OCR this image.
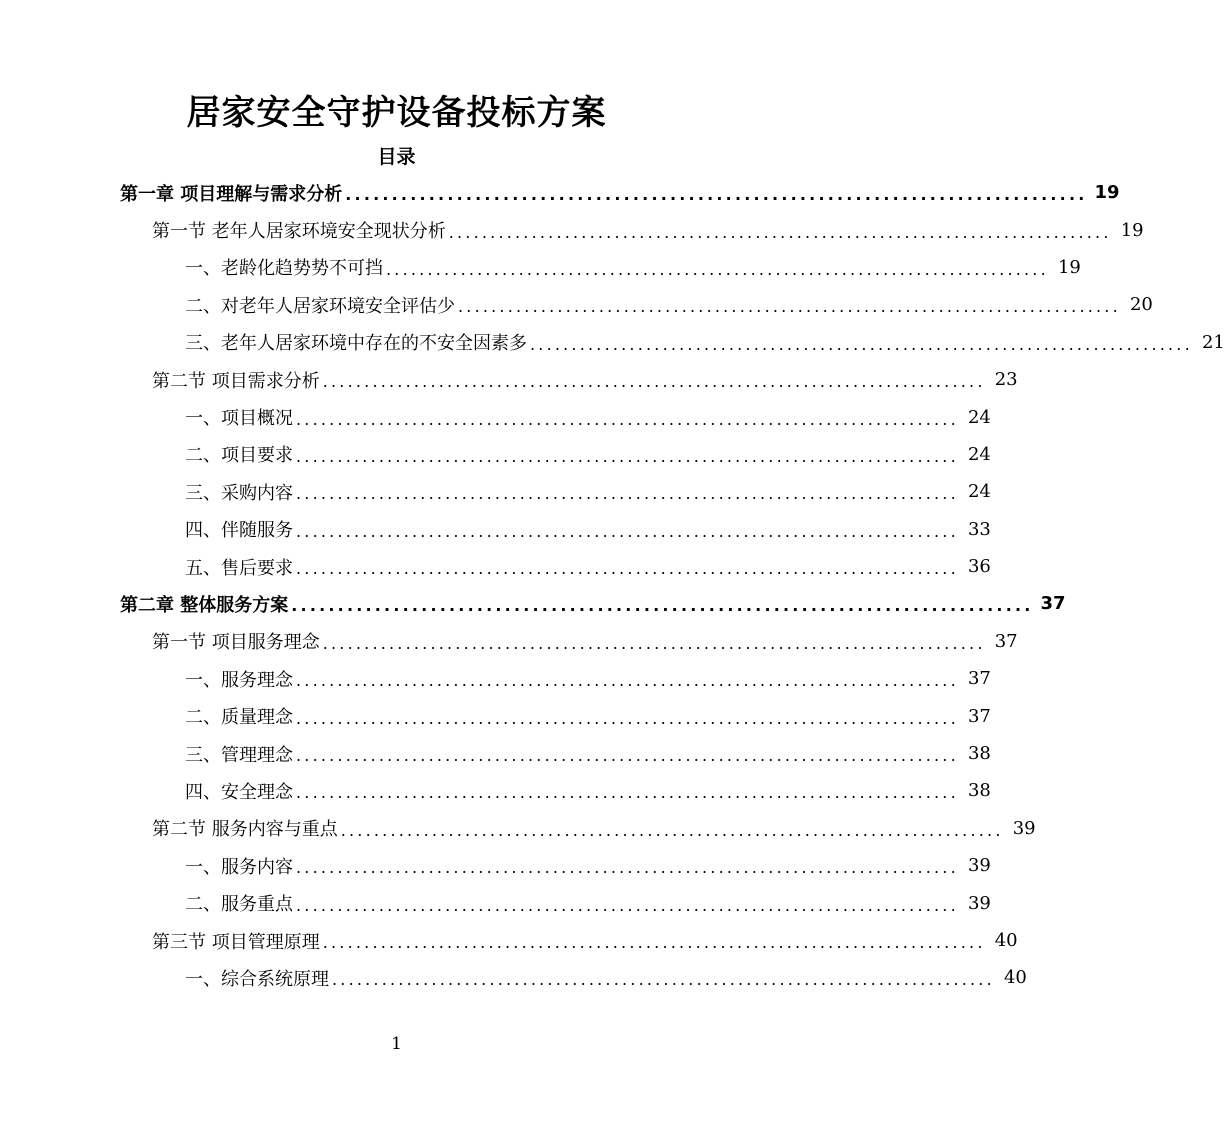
居家安全守护设备投标方案
目录
第一章 项目理解与需求分析 ................................................................................ 19
第一节 老年人居家环境安全现状分析 ................................................................................ 19
一、老龄化趋势势不可挡 ................................................................................ 19
二、对老年人居家环境安全评估少 ................................................................................ 20
三、老年人居家环境中存在的不安全因素多 ................................................................................ 21
第二节 项目需求分析 ................................................................................ 23
一、项目概况 ................................................................................ 24
二、项目要求 ................................................................................ 24
三、采购内容 ................................................................................ 24
四、伴随服务 ................................................................................ 33
五、售后要求 ................................................................................ 36
第二章 整体服务方案 ................................................................................ 37
第一节 项目服务理念 ................................................................................ 37
一、服务理念 ................................................................................ 37
二、质量理念 ................................................................................ 37
三、管理理念 ................................................................................ 38
四、安全理念 ................................................................................ 38
第二节 服务内容与重点 ................................................................................ 39
一、服务内容 ................................................................................ 39
二、服务重点 ................................................................................ 39
第三节 项目管理原理 ................................................................................ 40
一、综合系统原理 ................................................................................ 40
1
